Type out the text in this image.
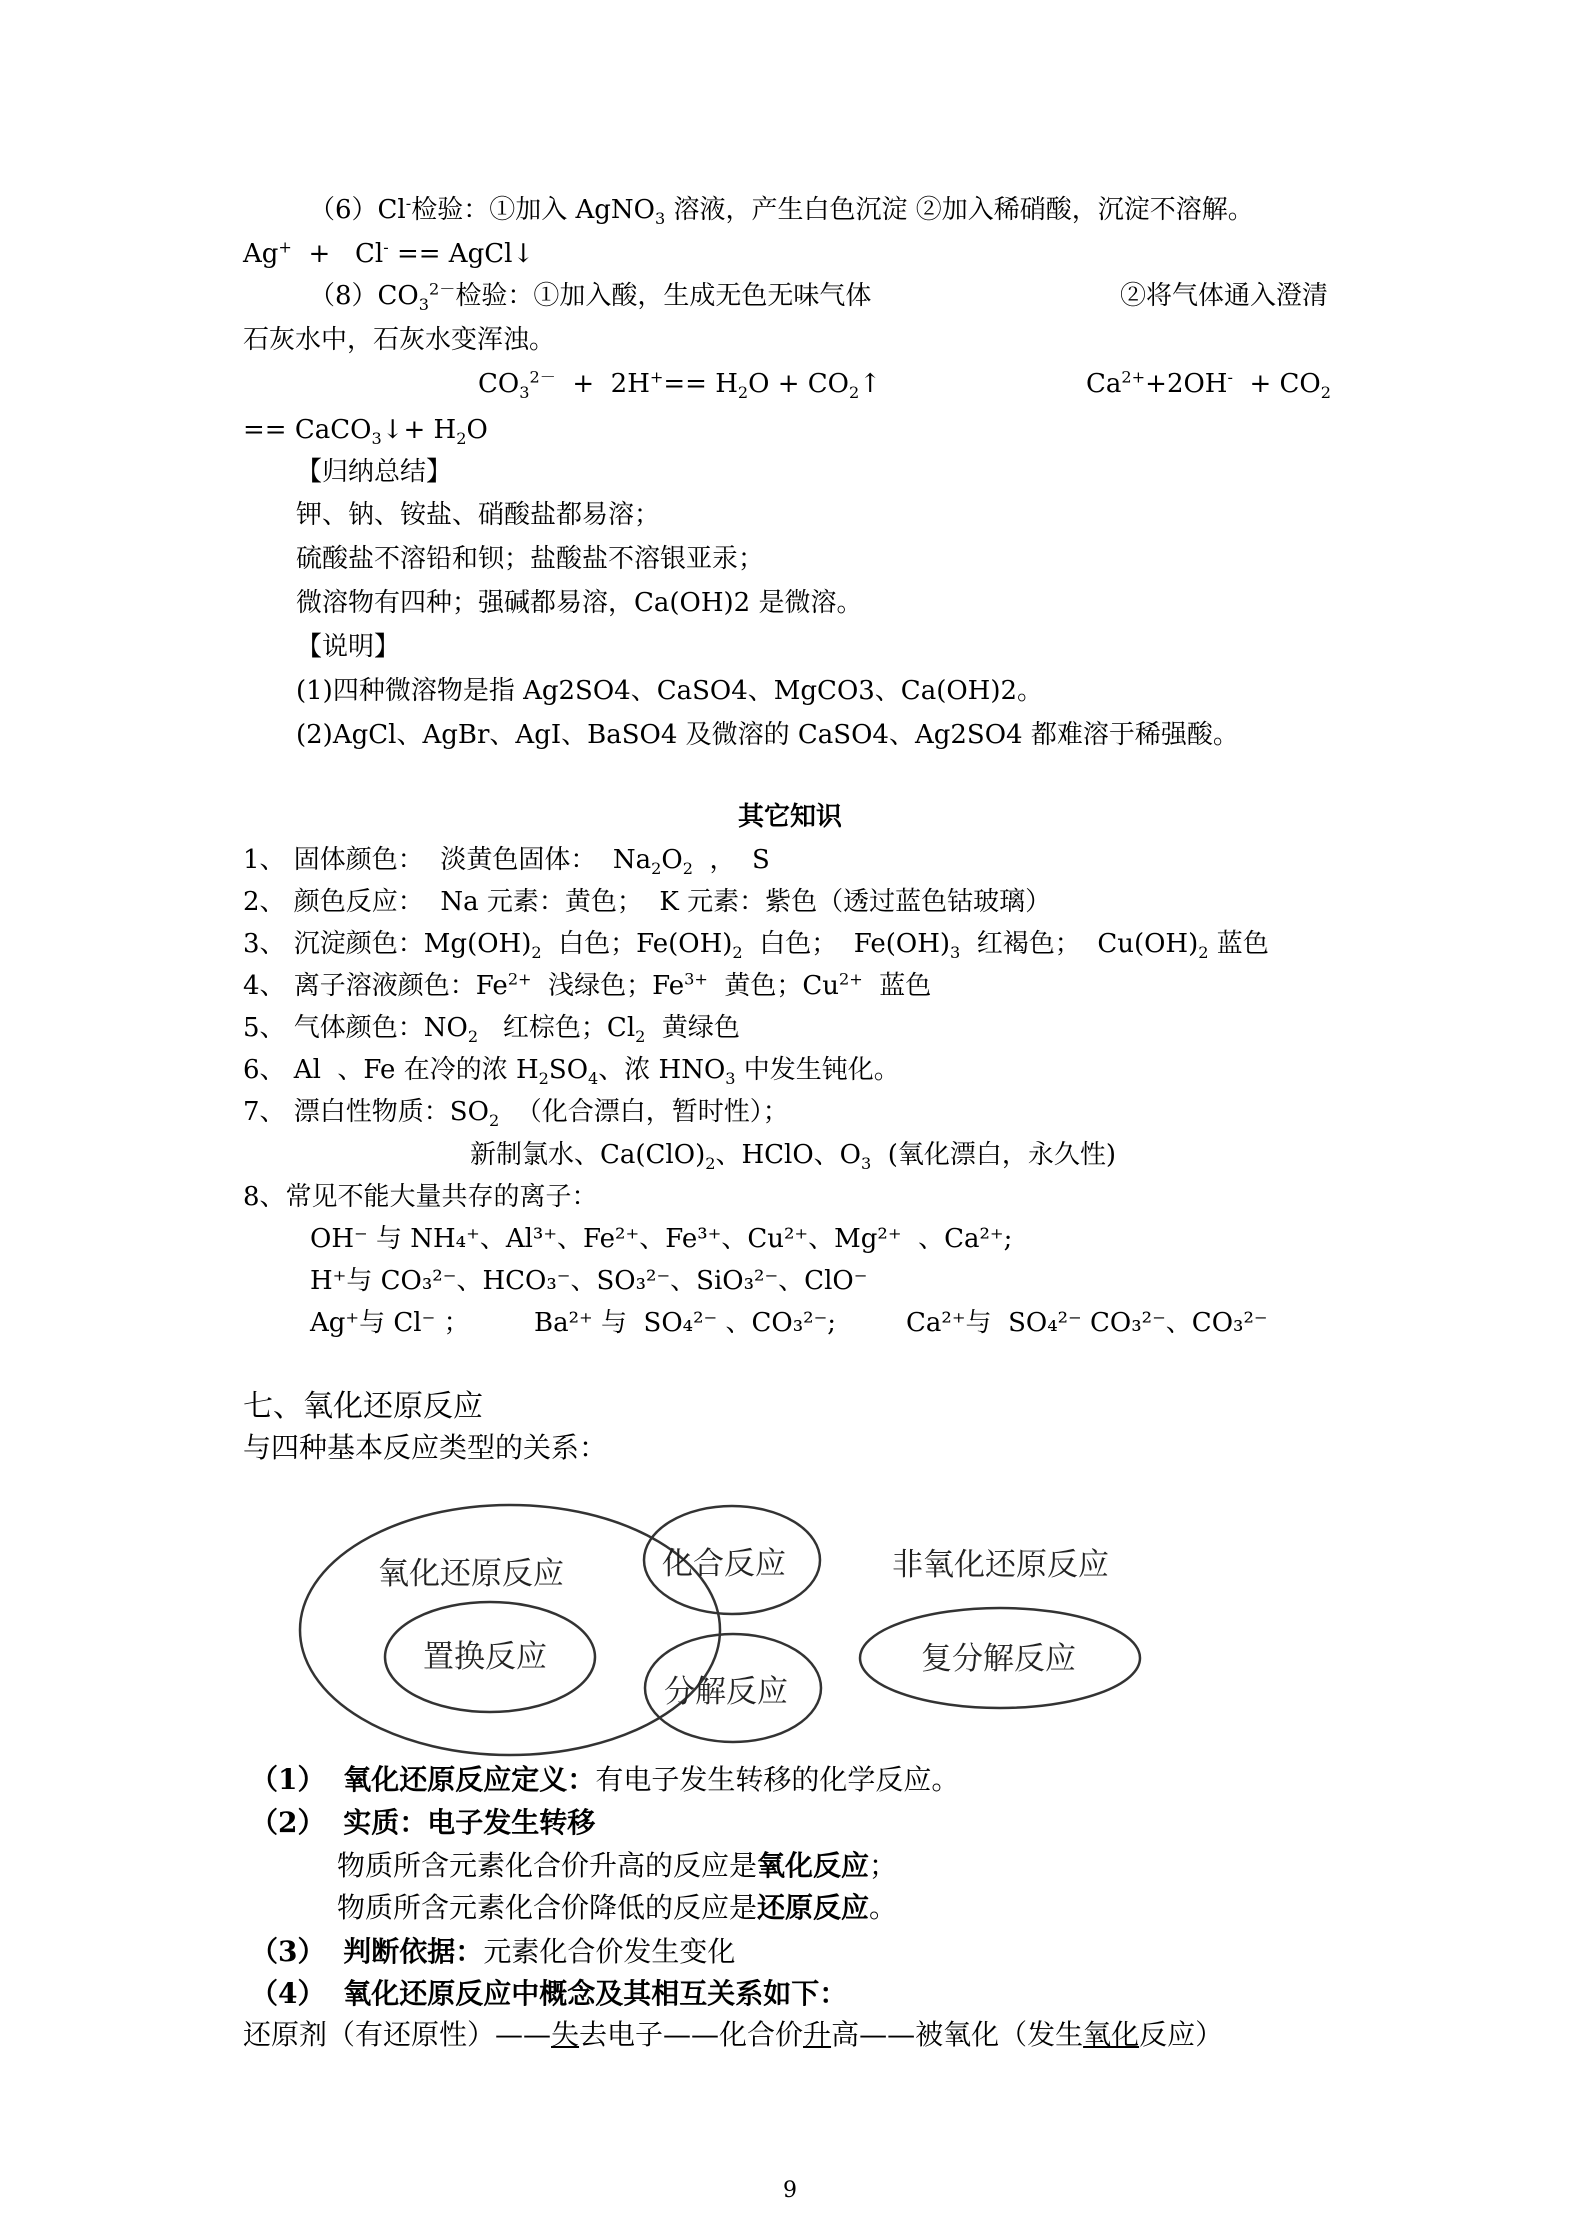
（6）Cl-检验：①加入 AgNO$_3$ 溶液，产生白色沉淀 ②加入稀硝酸，沉淀不溶解。
Ag+  +   Cl- == AgCl↓
$(8)CO_3^{2-}$检验：①加入酸，生成无色无味气体	②将气体通入澄清
石灰水中，石灰水变浑浊。
$CO_3^{2-} + 2H^+== H_2O$ + $CO_2↑$	$Ca^{2+}+2OH^- + CO_2$
== CaCO$_3$↓+ $H_2O$
【归纳总结】
钾、钠、铵盐、硝酸盐都易溶；
硫酸盐不溶铅和钡；盐酸盐不溶银亚汞；
微溶物有四种；强碱都易溶，Ca(OH)2 是微溶。
【说明】
(1)四种微溶物是指 Ag2SO4、CaSO4、MgCO3、Ca(OH)2。
(2)AgCl、AgBr、AgI、BaSO4 及微溶的 CaSO4、Ag2SO4 都难溶于稀强酸。
其它知识
1、 固体颜色：  淡黄色固体：  $Na_2O_2$  ，  S
2、 颜色反应：  Na 元素：黄色；  K 元素：紫色（透过蓝色钴玻璃）
3、 沉淀颜色：$Mg(OH)_2$  白色；$Fe(OH)_2$  白色；  $Fe(OH)_3$  红褐色；  $Cu(OH)_2$ 蓝色
4、 离子溶液颜色：$Fe^{2+}$  浅绿色；$Fe^{3+}$  黄色；$Cu^{2+}$  蓝色
5、 气体颜色：$NO_2$   红棕色；$Cl_2$  黄绿色
6、 Al  、Fe 在冷的浓 $H_2SO_4$、浓 $HNO_3$ 中发生钝化。
7、 漂白性物质：$SO_2$  （化合漂白，暂时性）；
新制氯水、$Ca(ClO)_2$、HClO、$O_3$  (氧化漂白，永久性)
8、常见不能大量共存的离子：
OH⁻ 与 NH₄⁺、Al³⁺、Fe²⁺、Fe³⁺、Cu²⁺、Mg²⁺  、Ca²⁺;
H⁺与 CO₃²⁻、HCO₃⁻、SO₃²⁻、SiO₃²⁻、ClO⁻
Ag⁺与 Cl⁻ ； Ba²⁺ 与  SO₄²⁻ 、CO₃²⁻;	Ca²⁺与  SO₄²⁻ CO₃²⁻、CO₃²⁻
七、氧化还原反应
与四种基本反应类型的关系：
氧化还原反应	化合反应
置换反应
分解反应
非氧化还原反应
复分解反应
（1） 氧化还原反应定义：有电子发生转移的化学反应。
（2） 实质：电子发生转移
物质所含元素化合价升高的反应是氧化反应；
物质所含元素化合价降低的反应是还原反应。
（3） 判断依据：元素化合价发生变化
（4） 氧化还原反应中概念及其相互关系如下：
还原剂（有还原性）——失去电子——化合价升高——被氧化（发生氧化反应）
9
